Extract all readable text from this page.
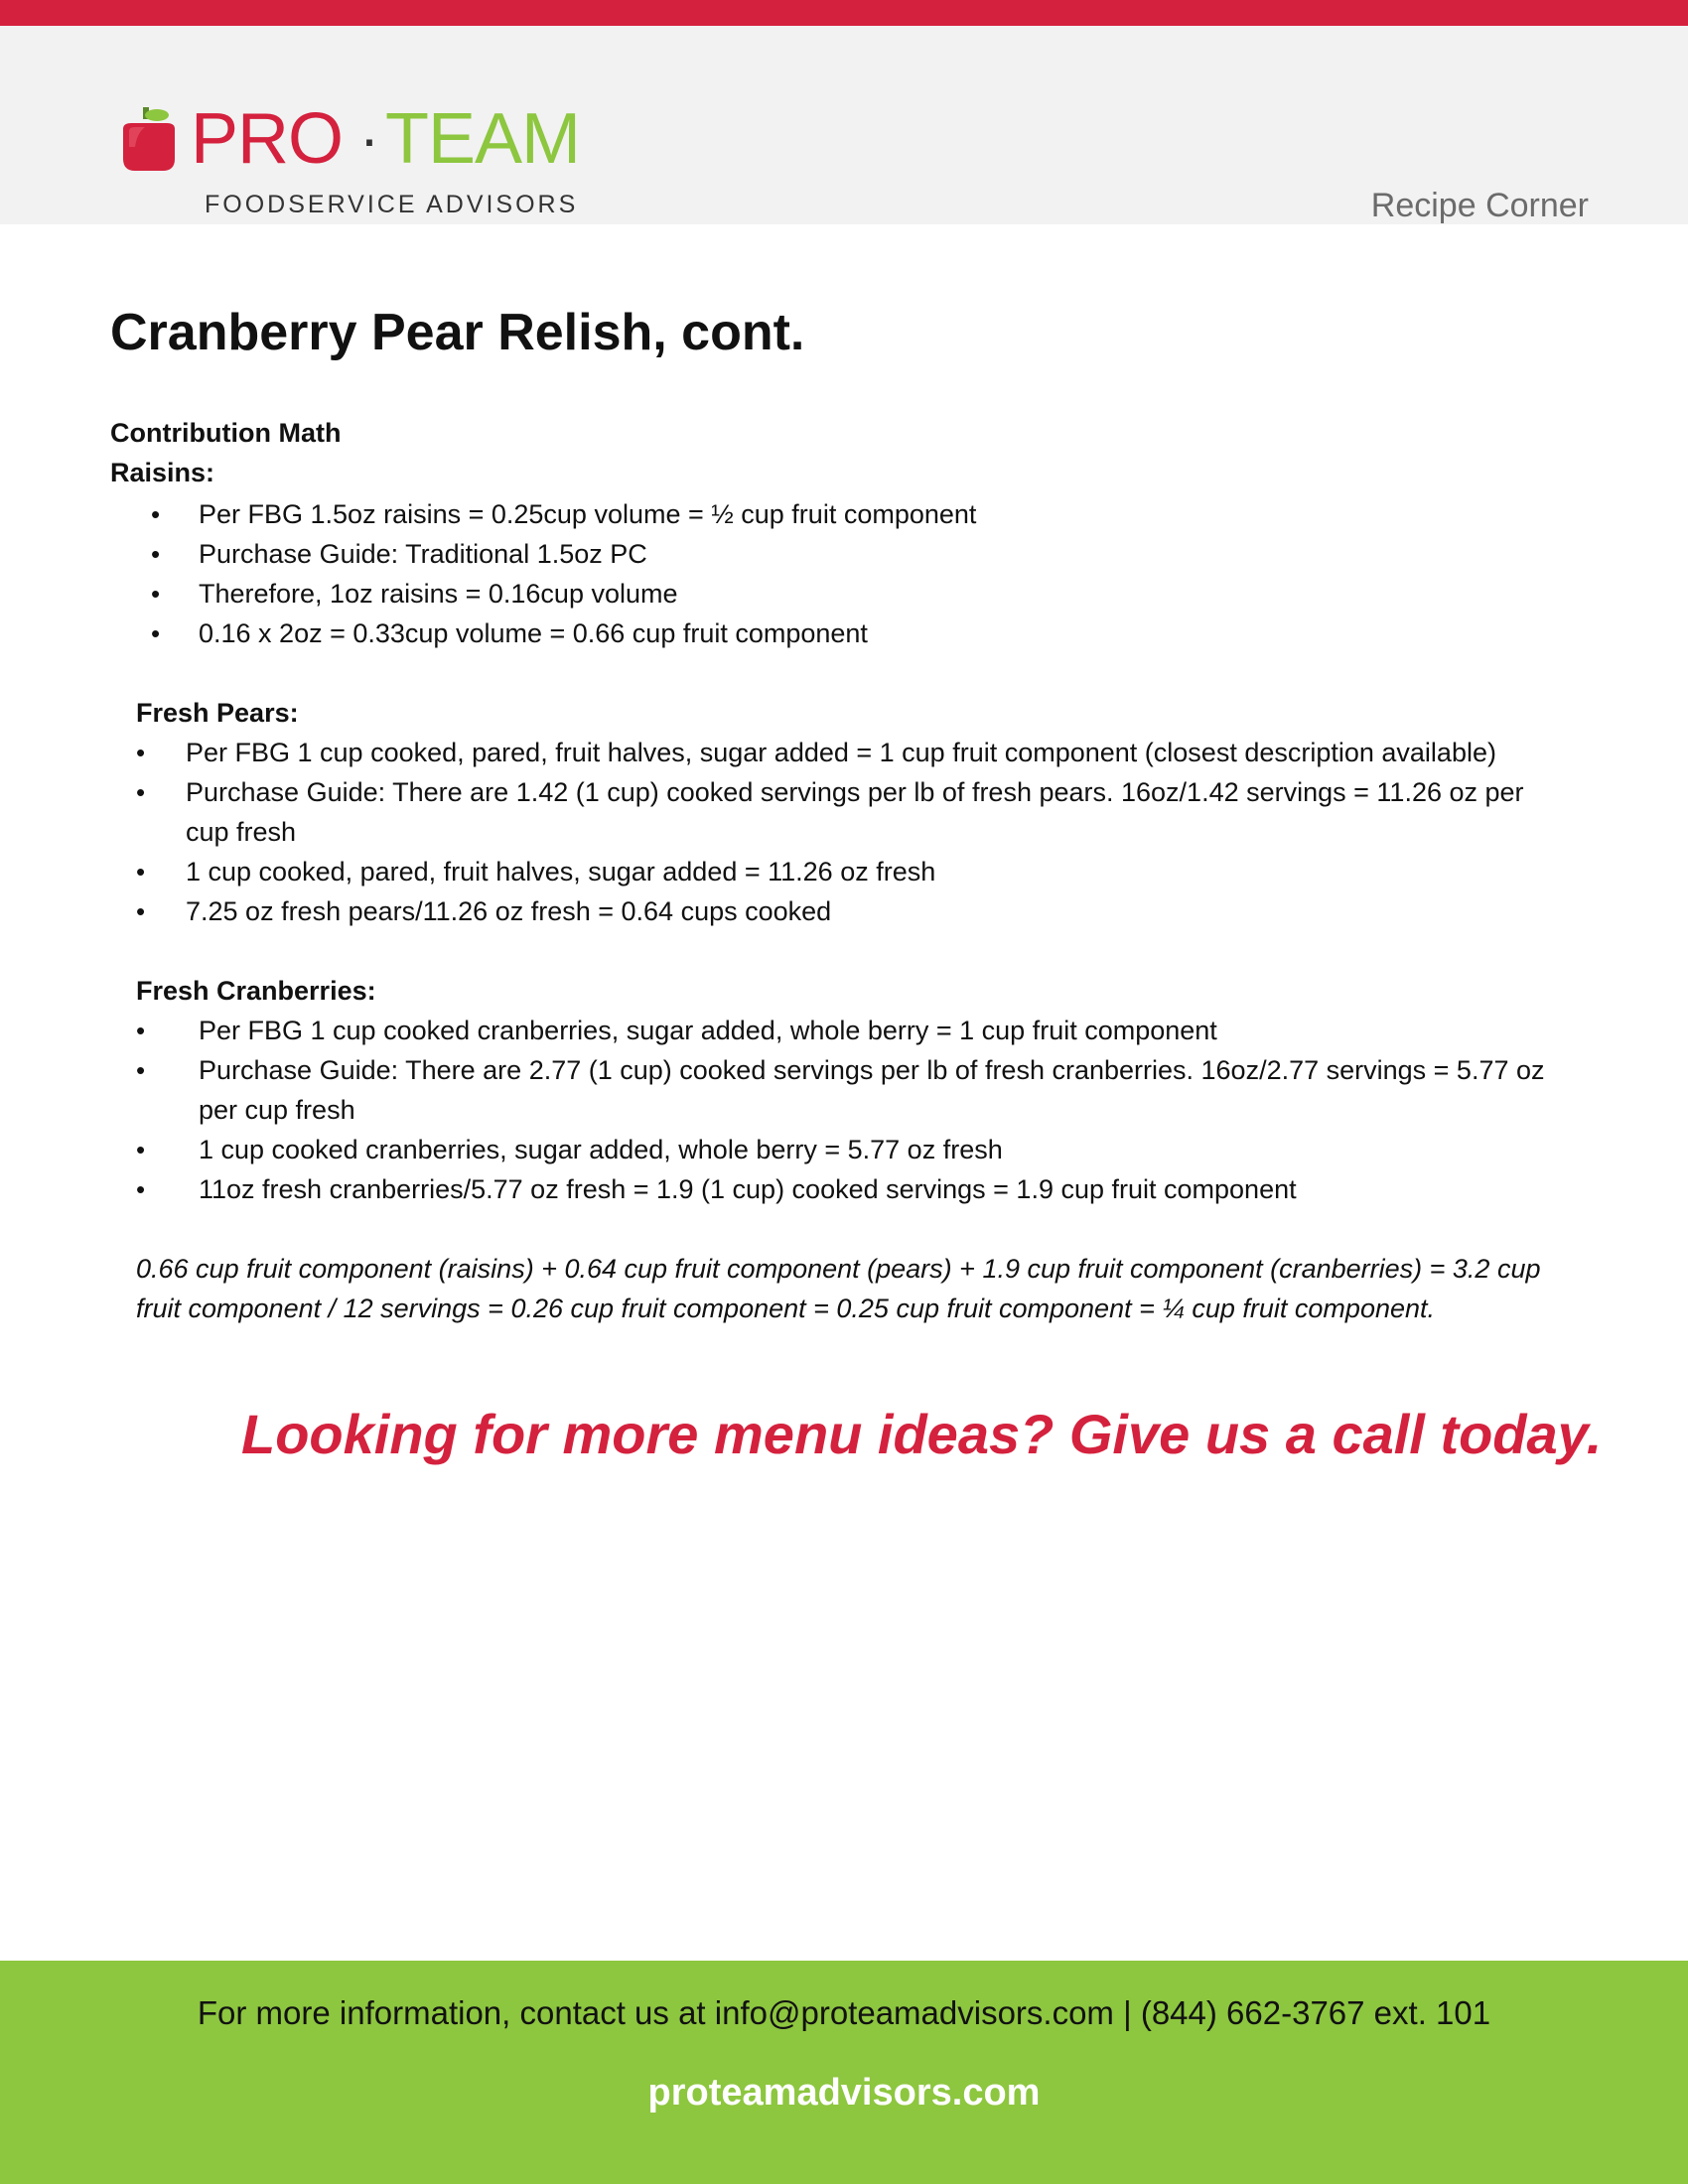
PRO · TEAM
FOODSERVICE ADVISORS	Recipe Corner
Cranberry Pear Relish, cont.
Contribution Math
Raisins:
• Per FBG 1.5oz raisins = 0.25cup volume = ½ cup fruit component
• Purchase Guide: Traditional 1.5oz PC
• Therefore, 1oz raisins = 0.16cup volume
• 0.16 x 2oz = 0.33cup volume = 0.66 cup fruit component
Fresh Pears:
• Per FBG 1 cup cooked, pared, fruit halves, sugar added = 1 cup fruit component (closest description available)
• Purchase Guide: There are 1.42 (1 cup) cooked servings per lb of fresh pears. 16oz/1.42 servings = 11.26 oz per cup fresh
• 1 cup cooked, pared, fruit halves, sugar added = 11.26 oz fresh
• 7.25 oz fresh pears/11.26 oz fresh = 0.64 cups cooked
Fresh Cranberries:
• Per FBG 1 cup cooked cranberries, sugar added, whole berry = 1 cup fruit component
• Purchase Guide: There are 2.77 (1 cup) cooked servings per lb of fresh cranberries. 16oz/2.77 servings = 5.77 oz per cup fresh
• 1 cup cooked cranberries, sugar added, whole berry = 5.77 oz fresh
• 11oz fresh cranberries/5.77 oz fresh = 1.9 (1 cup) cooked servings = 1.9 cup fruit component
0.66 cup fruit component (raisins) + 0.64 cup fruit component (pears) + 1.9 cup fruit component (cranberries) = 3.2 cup fruit component / 12 servings = 0.26 cup fruit component = 0.25 cup fruit component = ¼ cup fruit component.
Looking for more menu ideas? Give us a call today.
For more information, contact us at info@proteamadvisors.com | (844) 662-3767 ext. 101
proteamadvisors.com
